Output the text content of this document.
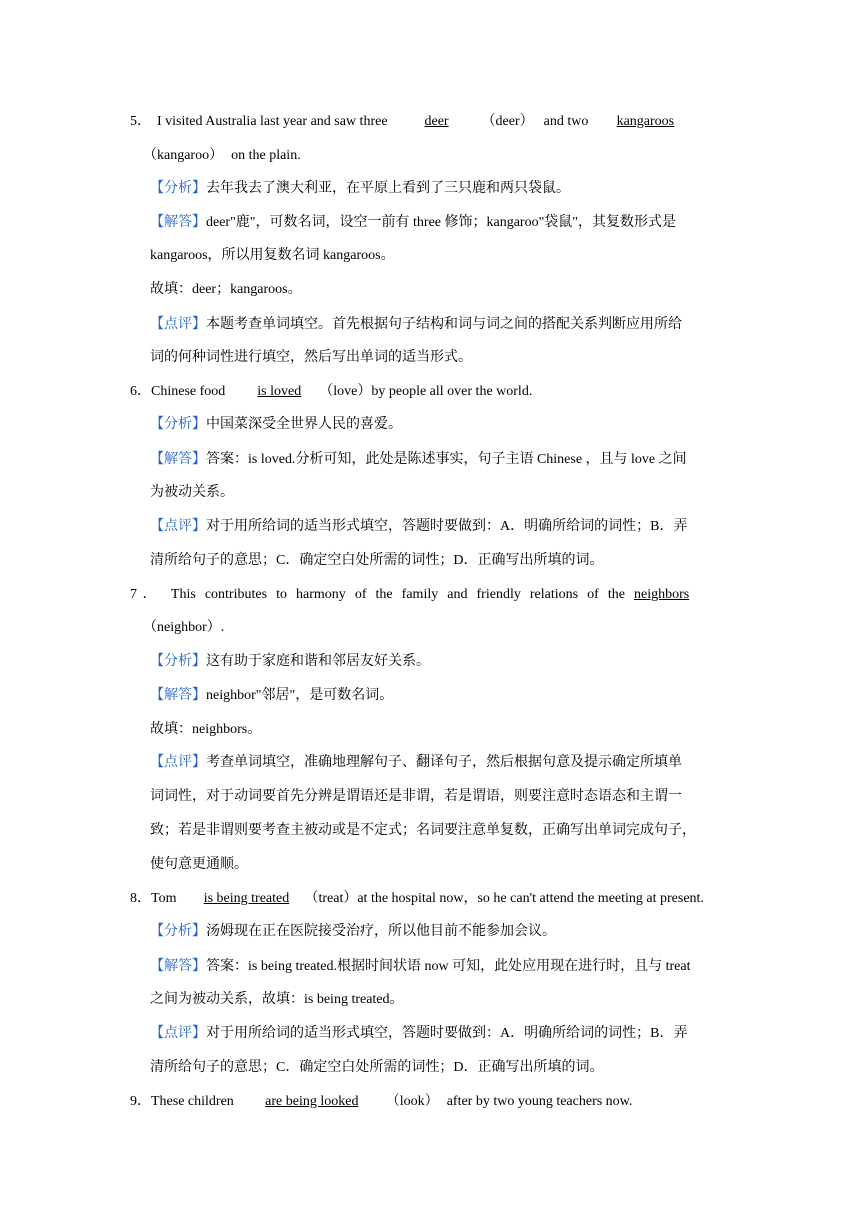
5． I visited Australia last year and saw three	deer （deer） and two kangaroos
（kangaroo） on the plain.
【分析】去年我去了澳大利亚，在平原上看到了三只鹿和两只袋鼠。
【解答】deer"鹿"，可数名词，设空一前有 three 修饰；kangaroo"袋鼠"，其复数形式是
kangaroos，所以用复数名词 kangaroos。
故填：deer；kangaroos。
【点评】本题考查单词填空。首先根据句子结构和词与词之间的搭配关系判断应用所给
词的何种词性进行填空，然后写出单词的适当形式。
6．Chinese food is loved （love）by people all over the world.
【分析】中国菜深受全世界人民的喜爱。
【解答】答案：is loved.分析可知，此处是陈述事实，句子主语 Chinese ，且与 love 之间
为被动关系。
【点评】对于用所给词的适当形式填空，答题时要做到：A．明确所给词的词性；B．弄
清所给句子的意思；C．确定空白处所需的词性；D．正确写出所填的词。
7． This contributes to harmony of the family and friendly relations of the neighbors
（neighbor）.
【分析】这有助于家庭和谐和邻居友好关系。
【解答】neighbor"邻居"，是可数名词。
故填：neighbors。
【点评】考查单词填空，准确地理解句子、翻译句子，然后根据句意及提示确定所填单
词词性，对于动词要首先分辨是谓语还是非谓，若是谓语，则要注意时态语态和主谓一
致；若是非谓则要考查主被动或是不定式；名词要注意单复数，正确写出单词完成句子，
使句意更通顺。
8．Tom is being treated （treat）at the hospital now，so he can't attend the meeting at present.
【分析】汤姆现在正在医院接受治疗，所以他目前不能参加会议。
【解答】答案：is being treated.根据时间状语 now 可知，此处应用现在进行时，且与 treat
之间为被动关系，故填：is being treated。
【点评】对于用所给词的适当形式填空，答题时要做到：A．明确所给词的词性；B．弄
清所给句子的意思；C．确定空白处所需的词性；D．正确写出所填的词。
9．These children are being looked （look） after by two young teachers now.
